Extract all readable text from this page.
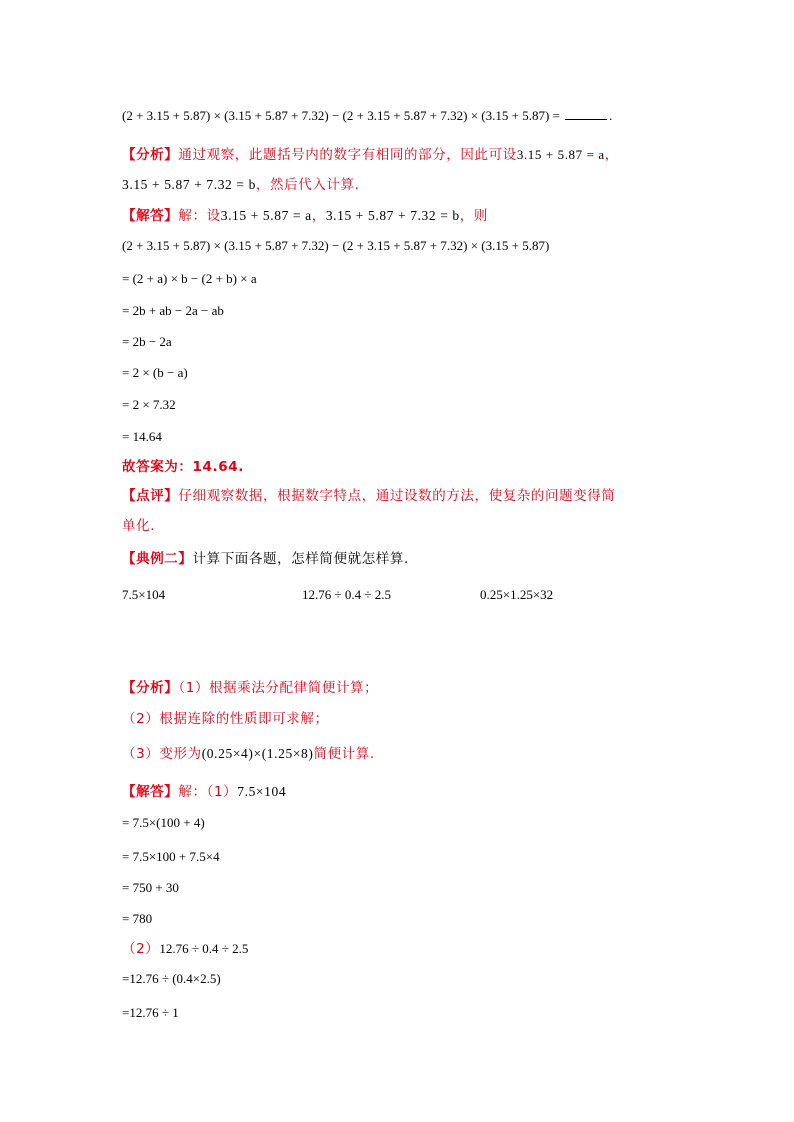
(2 + 3.15 + 5.87) × (3.15 + 5.87 + 7.32) − (2 + 3.15 + 5.87 + 7.32) × (3.15 + 5.87) =	.
【分析】通过观察，此题括号内的数字有相同的部分，因此可设3.15 + 5.87 = a，
3.15 + 5.87 + 7.32 = b，然后代入计算.
【解答】解：设3.15 + 5.87 = a，3.15 + 5.87 + 7.32 = b，则
(2 + 3.15 + 5.87) × (3.15 + 5.87 + 7.32) − (2 + 3.15 + 5.87 + 7.32) × (3.15 + 5.87)
= (2 + a) × b − (2 + b) × a
= 2b + ab − 2a − ab
= 2b − 2a
= 2 × (b − a)
= 2 × 7.32
= 14.64
故答案为：14.64.
【点评】仔细观察数据，根据数字特点，通过设数的方法，使复杂的问题变得简
单化.
【典例二】计算下面各题，怎样简便就怎样算.
7.5×104	12.76 ÷ 0.4 ÷ 2.5	0.25×1.25×32
【分析】（1）根据乘法分配律简便计算；
（2）根据连除的性质即可求解；
（3）变形为(0.25×4)×(1.25×8)简便计算.
【解答】解：（1）7.5×104
= 7.5×(100 + 4)
= 7.5×100 + 7.5×4
= 750 + 30
= 780
（2）12.76 ÷ 0.4 ÷ 2.5
=12.76 ÷ (0.4×2.5)
=12.76 ÷ 1
